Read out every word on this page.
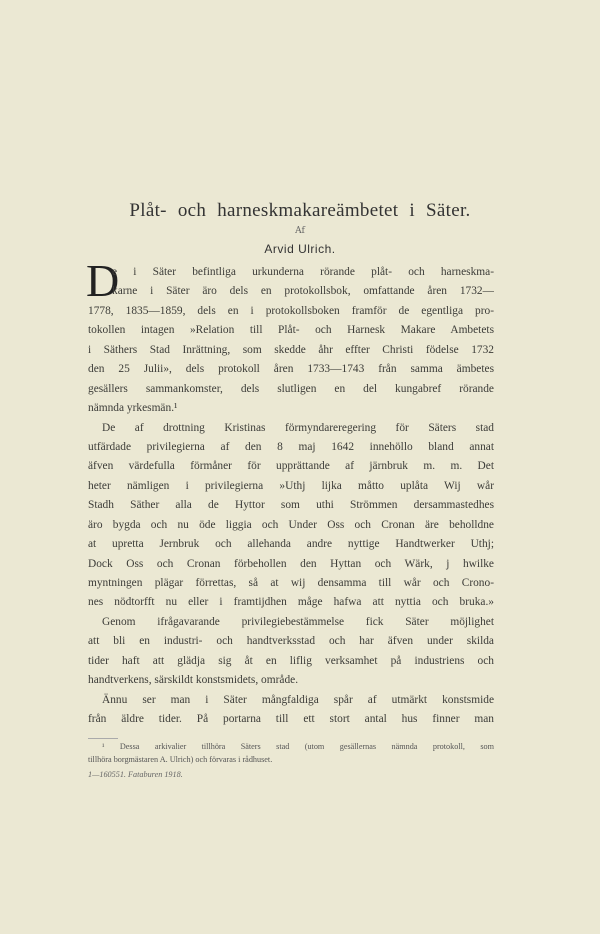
Plåt- och harneskmakareämbetet i Säter.
Af
Arvid Ulrich.
D
e i Säter befintliga urkunderna rörande plåt- och harneskma-
karne i Säter äro dels en protokollsbok, omfattande åren 1732—
1778, 1835—1859, dels en i protokollsboken framför de egentliga pro-
tokollen intagen »Relation till Plåt- och Harnesk Makare Ambetets
i Säthers Stad Inrättning, som skedde åhr effter Christi födelse 1732
den 25 Julii», dels protokoll åren 1733—1743 från samma ämbetes
gesällers sammankomster, dels slutligen en del kungabref rörande
nämnda yrkesmän.¹
De af drottning Kristinas förmyndareregering för Säters stad
utfärdade privilegierna af den 8 maj 1642 innehöllo bland annat
äfven värdefulla förmåner för upprättande af järnbruk m. m. Det
heter nämligen i privilegierna »Uthj lijka måtto uplåta Wij wår
Stadh Säther alla de Hyttor som uthi Strömmen dersammastedhes
äro bygda och nu öde liggia och Under Oss och Cronan äre beholldne
at upretta Jernbruk och allehanda andre nyttige Handtwerker Uthj;
Dock Oss och Cronan förbehollen den Hyttan och Wärk, j hwilke
myntningen plägar förrettas, så at wij densamma till wår och Crono-
nes nödtorfft nu eller i framtijdhen måge hafwa att nyttia och bruka.»
Genom ifrågavarande privilegiebestämmelse fick Säter möjlighet
att bli en industri- och handtverksstad och har äfven under skilda
tider haft att glädja sig åt en liflig verksamhet på industriens och
handtverkens, särskildt konstsmidets, område.
Ännu ser man i Säter mångfaldiga spår af utmärkt konstsmide
från äldre tider. På portarna till ett stort antal hus finner man
¹ Dessa arkivalier tillhöra Säters stad (utom gesällernas nämnda protokoll, som
tillhöra borgmästaren A. Ulrich) och förvaras i rådhuset.
1—160551. Fataburen 1918.
